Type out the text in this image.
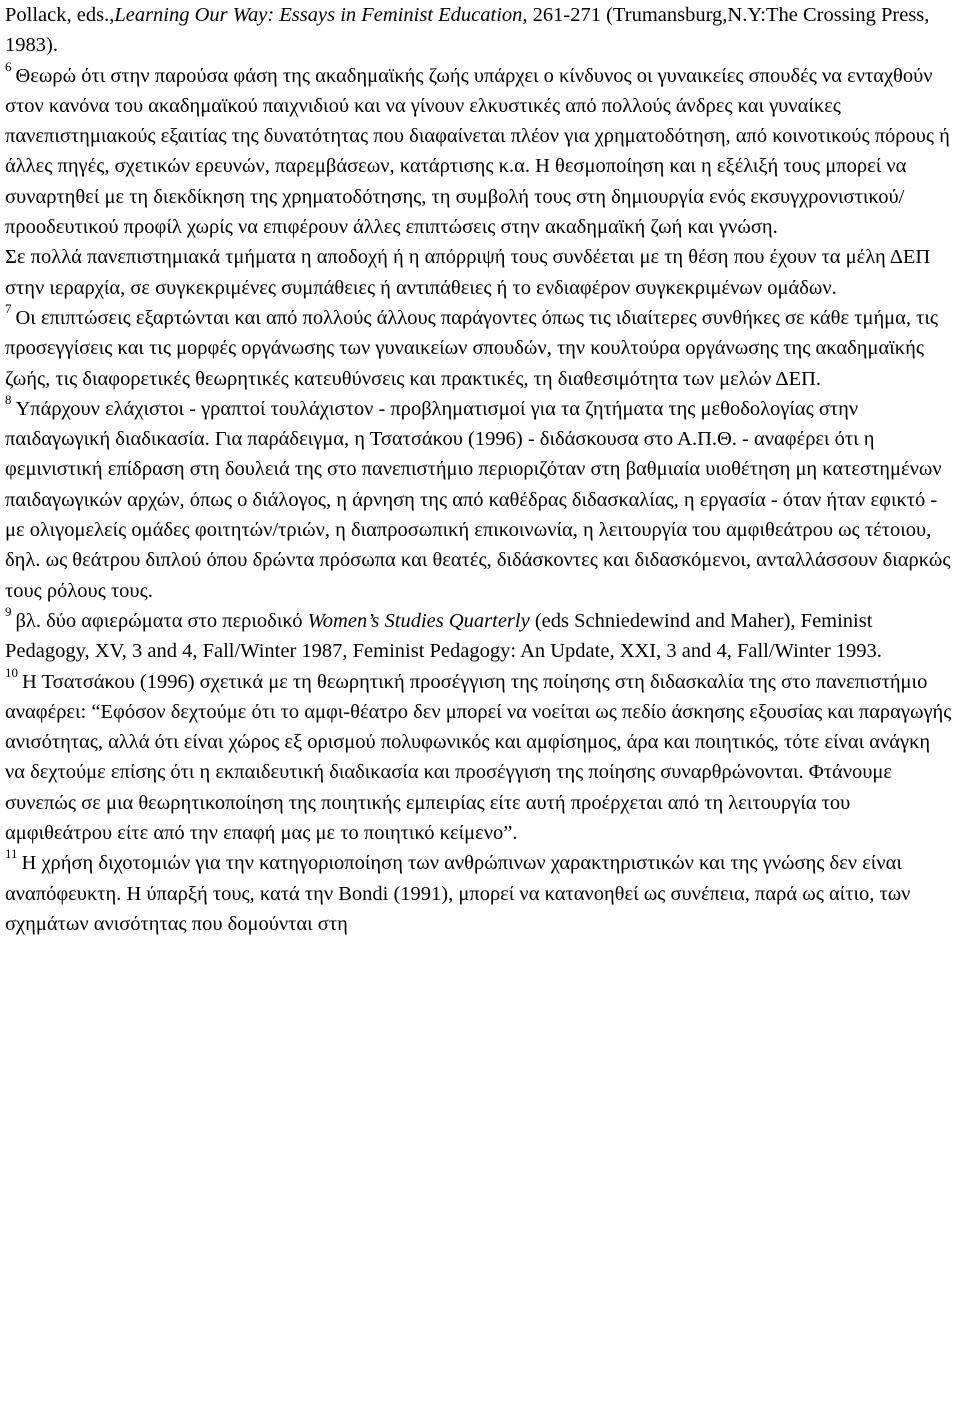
Pollack, eds.,Learning Our Way: Essays in Feminist Education, 261-271 (Trumansburg,N.Y:The Crossing Press, 1983).

$^6$ Θεωρώ ότι στην παρούσα φάση της ακαδημαϊκής ζωής υπάρχει ο κίνδυνος οι γυναικείες σπουδές να ενταχθούν στον κανόνα του ακαδημαϊκού παιχνιδιού και να γίνουν ελκυστικές από πολλούς άνδρες και γυναίκες πανεπιστημιακούς εξαιτίας της δυνατότητας που διαφαίνεται πλέον για χρηματοδότηση, από κοινοτικούς πόρους ή άλλες πηγές, σχετικών ερευνών, παρεμβάσεων, κατάρτισης κ.α. Η θεσμοποίηση και η εξέλιξή τους μπορεί να συναρτηθεί με τη διεκδίκηση της χρηματοδότησης, τη συμβολή τους στη δημιουργία ενός εκσυγχρονιστικού/προοδευτικού προφίλ χωρίς να επιφέρουν άλλες επιπτώσεις στην ακαδημαϊκή ζωή και γνώση.

Σε πολλά πανεπιστημιακά τμήματα η αποδοχή ή η απόρριψή τους συνδέεται με τη θέση που έχουν τα μέλη ΔΕΠ στην ιεραρχία, σε συγκεκριμένες συμπάθειες ή αντιπάθειες ή το ενδιαφέρον συγκεκριμένων ομάδων.

$^7$ Οι επιπτώσεις εξαρτώνται και από πολλούς άλλους παράγοντες όπως τις ιδιαίτερες συνθήκες σε κάθε τμήμα, τις προσεγγίσεις και τις μορφές οργάνωσης των γυναικείων σπουδών, την κουλτούρα οργάνωσης της ακαδημαϊκής ζωής, τις διαφορετικές θεωρητικές κατευθύνσεις και πρακτικές, τη διαθεσιμότητα των μελών ΔΕΠ.

$^8$ Υπάρχουν ελάχιστοι - γραπτοί τουλάχιστον - προβληματισμοί για τα ζητήματα της μεθοδολογίας στην παιδαγωγική διαδικασία. Για παράδειγμα, η Τσατσάκου (1996) - διδάσκουσα στο Α.Π.Θ. - αναφέρει ότι η φεμινιστική επίδραση στη δουλειά της στο πανεπιστήμιο περιοριζόταν στη βαθμιαία υιοθέτηση μη κατεστημένων παιδαγωγικών αρχών, όπως ο διάλογος, η άρνηση της από καθέδρας διδασκαλίας, η εργασία - όταν ήταν εφικτό - με ολιγομελείς ομάδες φοιτητών/τριών, η διαπροσωπική επικοινωνία, η λειτουργία του αμφιθεάτρου ως τέτοιου, δηλ. ως θεάτρου διπλού όπου δρώντα πρόσωπα και θεατές, διδάσκοντες και διδασκόμενοι, ανταλλάσσουν διαρκώς τους ρόλους τους.

$^9$ βλ. δύο αφιερώματα στο περιοδικό Women’s Studies Quarterly (eds Schniedewind and Maher), Feminist Pedagogy, XV, 3 and 4, Fall/Winter 1987, Feminist Pedagogy: An Update, XXI, 3 and 4, Fall/Winter 1993.

$^{10}$ Η Τσατσάκου (1996) σχετικά με τη θεωρητική προσέγγιση της ποίησης στη διδασκαλία της στο πανεπιστήμιο αναφέρει: “Εφόσον δεχτούμε ότι το αμφι-θέατρο δεν μπορεί να νοείται ως πεδίο άσκησης εξουσίας και παραγωγής ανισότητας, αλλά ότι είναι χώρος εξ ορισμού πολυφωνικός και αμφίσημος, άρα και ποιητικός, τότε είναι ανάγκη να δεχτούμε επίσης ότι η εκπαιδευτική διαδικασία και προσέγγιση της ποίησης συναρθρώνονται. Φτάνουμε συνεπώς σε μια θεωρητικοποίηση της ποιητικής εμπειρίας είτε αυτή προέρχεται από τη λειτουργία του αμφιθεάτρου είτε από την επαφή μας με το ποιητικό κείμενο”.

$^{11}$ Η χρήση διχοτομιών για την κατηγοριοποίηση των ανθρώπινων χαρακτηριστικών και της γνώσης δεν είναι αναπόφευκτη. Η ύπαρξή τους, κατά την Bondi (1991), μπορεί να κατανοηθεί ως συνέπεια, παρά ως αίτιο, των σχημάτων ανισότητας που δομούνται στη
